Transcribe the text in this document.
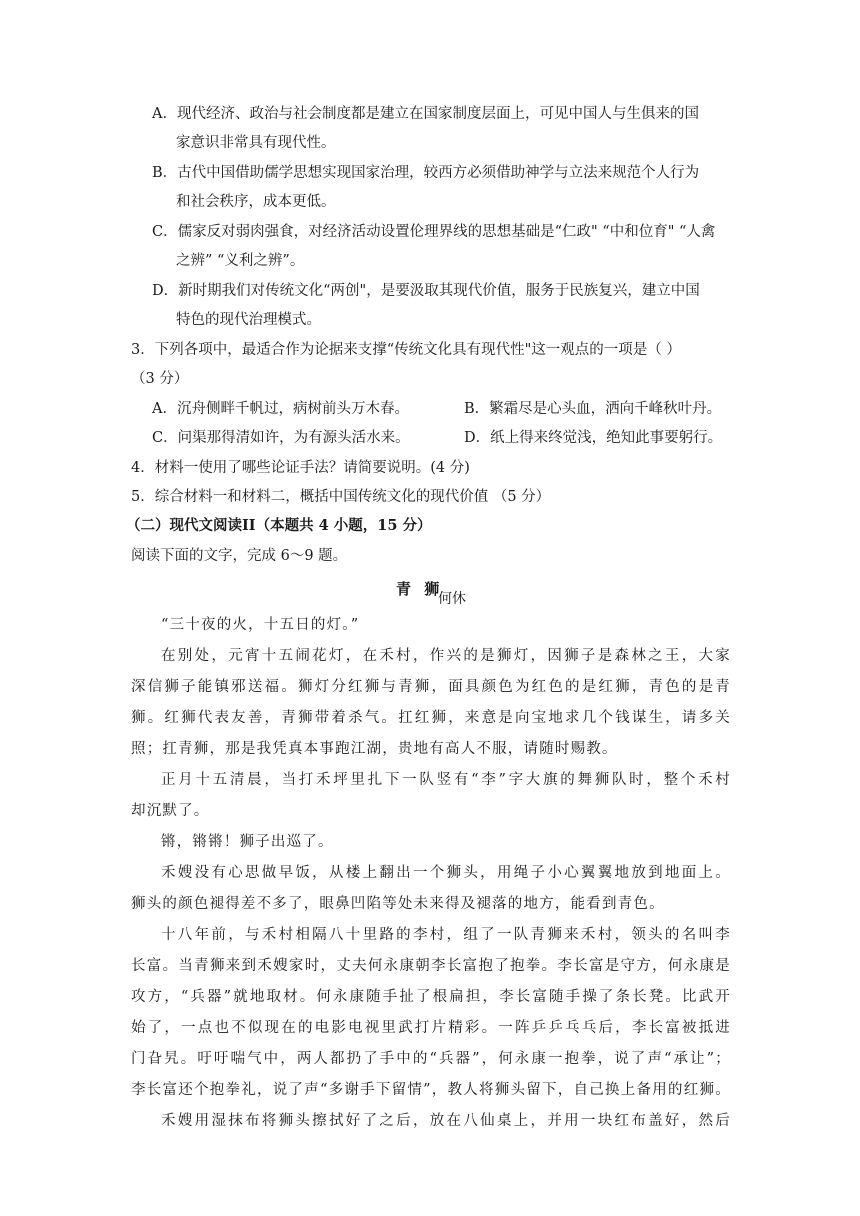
A．现代经济、政治与社会制度都是建立在国家制度层面上，可见中国人与生俱来的国
家意识非常具有现代性。
B．古代中国借助儒学思想实现国家治理，较西方必须借助神学与立法来规范个人行为
和社会秩序，成本更低。
C．儒家反对弱肉强食，对经济活动设置伦理界线的思想基础是“仁政" “中和位育" “人禽
之辨” “义利之辨”。
D．新时期我们对传统文化“两创"，是要汲取其现代价值，服务于民族复兴，建立中国
特色的现代治理模式。
3．下列各项中，最适合作为论据来支撑“传统文化具有现代性"这一观点的一项是（ ）
（3 分）
A．沉舟侧畔千帆过，病树前头万木春。	B．繁霜尽是心头血，洒向千峰秋叶丹。
C．问渠那得清如许，为有源头活水来。	D．纸上得来终觉浅，绝知此事要躬行。
4．材料一使用了哪些论证手法？请简要说明。(4 分)
5．综合材料一和材料二，概括中国传统文化的现代价值 （5 分）
（二）现代文阅读II（本题共 4 小题，15 分）
阅读下面的文字，完成 6～9 题。
青 狮
何休
“三十夜的火，十五日的灯。”
在别处，元宵十五闹花灯，在禾村，作兴的是狮灯，因狮子是森林之王，大家
深信狮子能镇邪送福。狮灯分红狮与青狮，面具颜色为红色的是红狮，青色的是青
狮。红狮代表友善，青狮带着杀气。扛红狮，来意是向宝地求几个钱谋生，请多关
照；扛青狮，那是我凭真本事跑江湖，贵地有高人不服，请随时赐教。
正月十五清晨，当打禾坪里扎下一队竖有“李”字大旗的舞狮队时，整个禾村
却沉默了。
锵，锵锵！狮子出巡了。
禾嫂没有心思做早饭，从楼上翻出一个狮头，用绳子小心翼翼地放到地面上。
狮头的颜色褪得差不多了，眼鼻凹陷等处未来得及褪落的地方，能看到青色。
十八年前，与禾村相隔八十里路的李村，组了一队青狮来禾村，领头的名叫李
长富。当青狮来到禾嫂家时，丈夫何永康朝李长富抱了抱拳。李长富是守方，何永康是
攻方，“兵器”就地取材。何永康随手扯了根扁担，李长富随手操了条长凳。比武开
始了，一点也不似现在的电影电视里武打片精彩。一阵乒乒乓乓后，李长富被抵进
门旮旯。吁吁喘气中，两人都扔了手中的“兵器”，何永康一抱拳，说了声“承让”；
李长富还个抱拳礼，说了声“多谢手下留情”，教人将狮头留下，自己换上备用的红狮。
禾嫂用湿抹布将狮头擦拭好了之后，放在八仙桌上，并用一块红布盖好，然后
